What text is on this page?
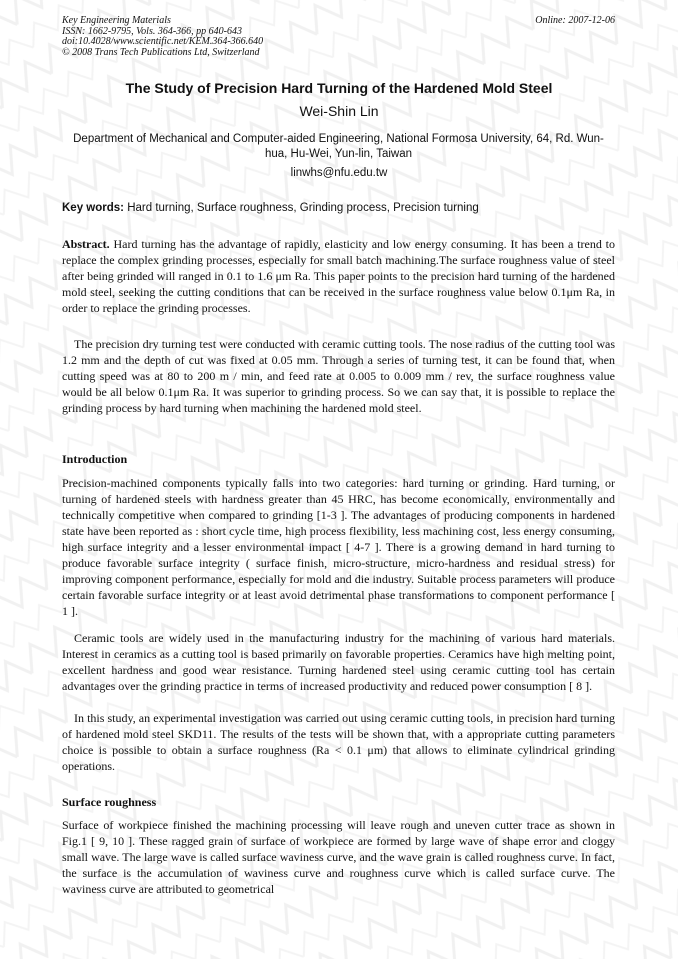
Key Engineering Materials
ISSN: 1662-9795, Vols. 364-366, pp 640-643
doi:10.4028/www.scientific.net/KEM.364-366.640
© 2008 Trans Tech Publications Ltd, Switzerland
Online: 2007-12-06
The Study of Precision Hard Turning of the Hardened Mold Steel
Wei-Shin Lin
Department of Mechanical and Computer-aided Engineering, National Formosa University, 64, Rd. Wun-hua, Hu-Wei, Yun-lin, Taiwan
linwhs@nfu.edu.tw
Key words: Hard turning, Surface roughness, Grinding process, Precision turning

Abstract. Hard turning has the advantage of rapidly, elasticity and low energy consuming. It has been a trend to replace the complex grinding processes, especially for small batch machining.The surface roughness value of steel after being grinded will ranged in 0.1 to 1.6 μm Ra. This paper points to the precision hard turning of the hardened mold steel, seeking the cutting conditions that can be received in the surface roughness value below 0.1μm Ra, in order to replace the grinding processes.

The precision dry turning test were conducted with ceramic cutting tools. The nose radius of the cutting tool was 1.2 mm and the depth of cut was fixed at 0.05 mm. Through a series of turning test, it can be found that, when cutting speed was at 80 to 200 m / min, and feed rate at 0.005 to 0.009 mm / rev, the surface roughness value would be all below 0.1μm Ra. It was superior to grinding process. So we can say that, it is possible to replace the grinding process by hard turning when machining the hardened mold steel.
Introduction
Precision-machined components typically falls into two categories: hard turning or grinding. Hard turning, or turning of hardened steels with hardness greater than 45 HRC, has become economically, environmentally and technically competitive when compared to grinding [1-3 ]. The advantages of producing components in hardened state have been reported as : short cycle time, high process flexibility, less machining cost, less energy consuming, high surface integrity and a lesser environmental impact [ 4-7 ]. There is a growing demand in hard turning to produce favorable surface integrity ( surface finish, micro-structure, micro-hardness and residual stress) for improving component performance, especially for mold and die industry. Suitable process parameters will produce certain favorable surface integrity or at least avoid detrimental phase transformations to component performance [ 1 ].
Ceramic tools are widely used in the manufacturing industry for the machining of various hard materials. Interest in ceramics as a cutting tool is based primarily on favorable properties. Ceramics have high melting point, excellent hardness and good wear resistance. Turning hardened steel using ceramic cutting tool has certain advantages over the grinding practice in terms of increased productivity and reduced power consumption [ 8 ].
In this study, an experimental investigation was carried out using ceramic cutting tools, in precision hard turning of hardened mold steel SKD11. The results of the tests will be shown that, with a appropriate cutting parameters choice is possible to obtain a surface roughness (Ra < 0.1 μm) that allows to eliminate cylindrical grinding operations.
Surface roughness
Surface of workpiece finished the machining processing will leave rough and uneven cutter trace as shown in Fig.1 [ 9, 10 ]. These ragged grain of surface of workpiece are formed by large wave of shape error and cloggy small wave. The large wave is called surface waviness curve, and the wave grain is called roughness curve. In fact, the surface is the accumulation of waviness curve and roughness curve which is called surface curve. The waviness curve are attributed to geometrical
